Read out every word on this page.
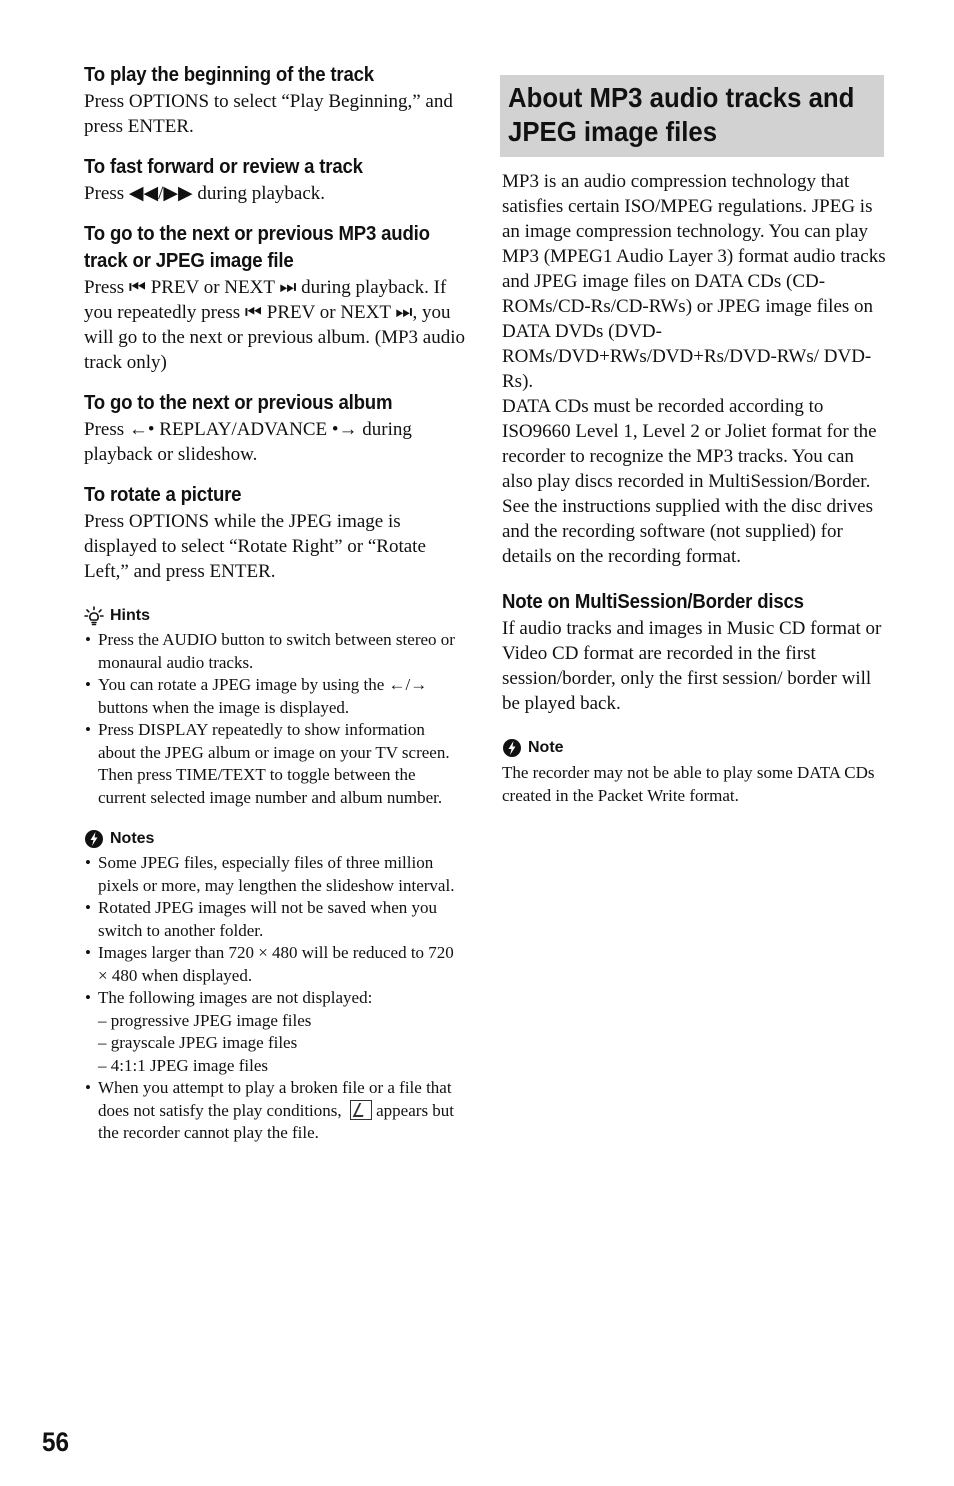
To play the beginning of the track

Press OPTIONS to select “Play Beginning,” and press ENTER.

To fast forward or review a track

Press ◀◀/▶▶ during playback.

To go to the next or previous MP3 audio
track or JPEG image file

Press ⏮ PREV or NEXT ⏭ during playback. If you repeatedly press ⏮ PREV or NEXT ⏭, you will go to the next or previous album. (MP3 audio track only)

To go to the next or previous album

Press ←• REPLAY/ADVANCE •→ during playback or slideshow.

To rotate a picture

Press OPTIONS while the JPEG image is displayed to select “Rotate Right” or “Rotate Left,” and press ENTER.

Hints
• Press the AUDIO button to switch between stereo or monaural audio tracks.
• You can rotate a JPEG image by using the ←/→ buttons when the image is displayed.
• Press DISPLAY repeatedly to show information about the JPEG album or image on your TV screen. Then press TIME/TEXT to toggle between the current selected image number and album number.
Notes
• Some JPEG files, especially files of three million pixels or more, may lengthen the slideshow interval.
• Rotated JPEG images will not be saved when you switch to another folder.
• Images larger than 720 × 480 will be reduced to 720 × 480 when displayed.
• The following images are not displayed:
– progressive JPEG image files
– grayscale JPEG image files
– 4:1:1 JPEG image files
• When you attempt to play a broken file or a file that does not satisfy the play conditions, appears but the recorder cannot play the file.
About MP3 audio tracks and
JPEG image files

MP3 is an audio compression technology that satisfies certain ISO/MPEG regulations. JPEG is an image compression technology. You can play MP3 (MPEG1 Audio Layer 3) format audio tracks and JPEG image files on DATA CDs (CD-ROMs/CD-Rs/CD-RWs) or JPEG image files on DATA DVDs (DVD-ROMs/DVD+RWs/DVD+Rs/DVD-RWs/ DVD-Rs).

DATA CDs must be recorded according to ISO9660 Level 1, Level 2 or Joliet format for the recorder to recognize the MP3 tracks. You can also play discs recorded in MultiSession/Border.

See the instructions supplied with the disc drives and the recording software (not supplied) for details on the recording format.

Note on MultiSession/Border discs

If audio tracks and images in Music CD format or Video CD format are recorded in the first session/border, only the first session/ border will be played back.

Note

The recorder may not be able to play some DATA CDs created in the Packet Write format.

56
